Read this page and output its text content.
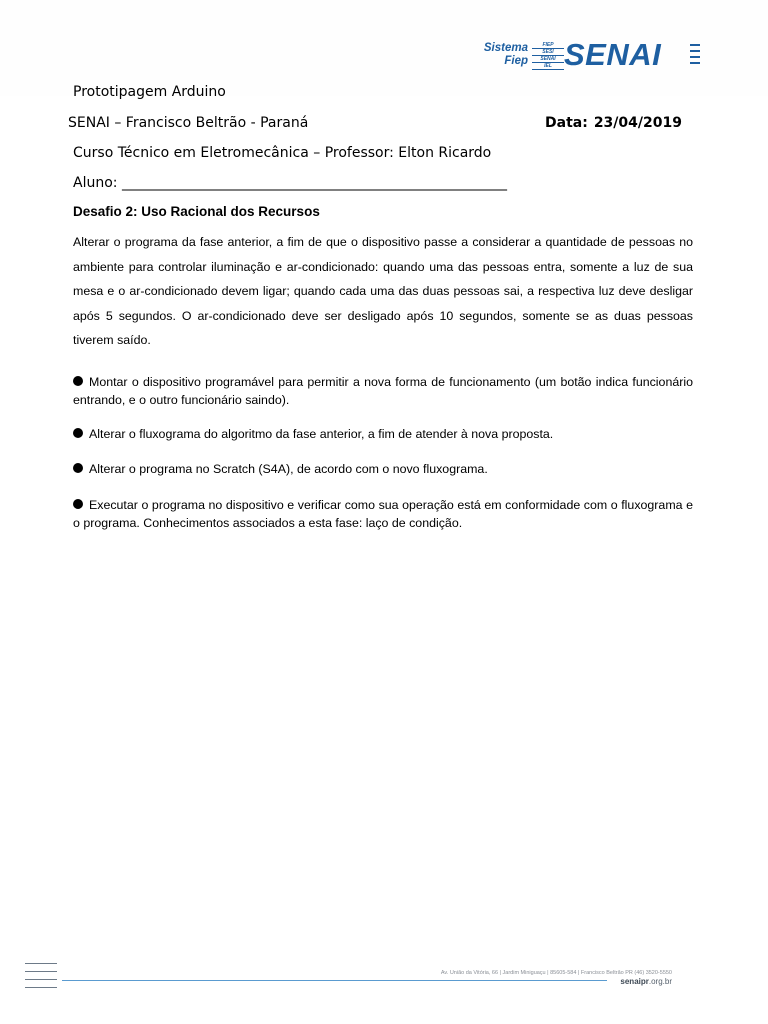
Sistema
Fiep
FIEP
SESI
SENAI
IEL SENAI
Prototipagem Arduino
SENAI – Francisco Beltrão - Paraná	Data: 23/04/2019
Curso Técnico em Eletromecânica – Professor: Elton Ricardo
Aluno: _______________________________________________________
Desafio 2: Uso Racional dos Recursos
Alterar o programa da fase anterior, a fim de que o dispositivo passe a considerar a quantidade de pessoas no ambiente para controlar iluminação e ar-condicionado: quando uma das pessoas entra, somente a luz de sua mesa e o ar-condicionado devem ligar; quando cada uma das duas pessoas sai, a respectiva luz deve desligar após 5 segundos. O ar-condicionado deve ser desligado após 10 segundos, somente se as duas pessoas tiverem saído.
Montar o dispositivo programável para permitir a nova forma de funcionamento (um botão indica funcionário entrando, e o outro funcionário saindo).
Alterar o fluxograma do algoritmo da fase anterior, a fim de atender à nova proposta.
Alterar o programa no Scratch (S4A), de acordo com o novo fluxograma.
Executar o programa no dispositivo e verificar como sua operação está em conformidade com o fluxograma e o programa. Conhecimentos associados a esta fase: laço de condição.
Av. União da Vitória, 66 | Jardim Miniguaçu | 85605-584 | Francisco Beltrão PR (46) 3520-5550
senaipr.org.br
